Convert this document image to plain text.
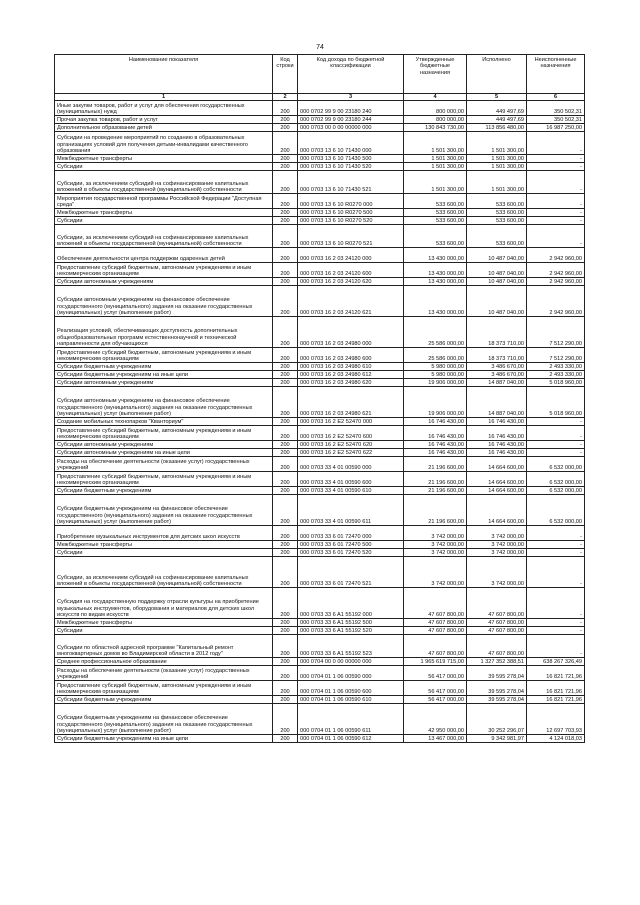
74
Наименование показателя	Код строки	Код дохода по бюджетной классификации	Утвержденные бюджетные назначения	Исполнено	Неисполненные назначения
1	2	3	4	5	6
Иные закупки товаров, работ и услуг для обеспечения государственных (муниципальных) нужд	200	000 0702 99 9 00 23180 240	800 000,00	449 497,69	350 502,31
Прочая закупка товаров, работ и услуг	200	000 0702 99 9 00 23180 244	800 000,00	449 497,69	350 502,31
Дополнительное образование детей	200	000 0703 00 0 00 00000 000	130 843 730,00	113 856 480,00	16 987 250,00
Субсидии на проведение мероприятий по созданию в образовательных организациях условий для получения детьми-инвалидами качественного образования	200	000 0703 13 6 10 71430 000	1 501 300,00	1 501 300,00	-
Межбюджетные трансферты	200	000 0703 13 6 10 71430 500	1 501 300,00	1 501 300,00	-
Субсидии	200	000 0703 13 6 10 71430 520	1 501 300,00	1 501 300,00	-
Субсидии, за исключением субсидий на софинансирование капитальных вложений в объекты государственной (муниципальной) собственности	200	000 0703 13 6 10 71430 521	1 501 300,00	1 501 300,00	-
Мероприятия государственной программы Российской Федерации "Доступная среда"	200	000 0703 13 6 10 R0270 000	533 600,00	533 600,00	-
Межбюджетные трансферты	200	000 0703 13 6 10 R0270 500	533 600,00	533 600,00	-
Субсидии	200	000 0703 13 6 10 R0270 520	533 600,00	533 600,00	-
Субсидии, за исключением субсидий на софинансирование капитальных вложений в объекты государственной (муниципальной) собственности	200	000 0703 13 6 10 R0270 521	533 600,00	533 600,00	-
Обеспечение деятельности центра поддержки одаренных детей	200	000 0703 16 2 03 24120 000	13 430 000,00	10 487 040,00	2 942 960,00
Предоставление субсидий бюджетным, автономным учреждениям и иным некоммерческим организациям	200	000 0703 16 2 03 24120 600	13 430 000,00	10 487 040,00	2 942 960,00
Субсидии автономным учреждениям	200	000 0703 16 2 03 24120 620	13 430 000,00	10 487 040,00	2 942 960,00
Субсидии автономным учреждениям на финансовое обеспечение государственного (муниципального) задания на оказание государственных (муниципальных) услуг (выполнение работ)	200	000 0703 16 2 03 24120 621	13 430 000,00	10 487 040,00	2 942 960,00
Реализация условий, обеспечивающих доступность дополнительных общеобразовательных программ естественнонаучной и технической направленности для обучающихся	200	000 0703 16 2 03 24980 000	25 586 000,00	18 373 710,00	7 512 290,00
Предоставление субсидий бюджетным, автономным учреждениям и иным некоммерческим организациям	200	000 0703 16 2 03 24980 600	25 586 000,00	18 373 710,00	7 512 290,00
Субсидии бюджетным учреждениям	200	000 0703 16 2 03 24980 610	5 980 000,00	3 486 670,00	2 493 330,00
Субсидии бюджетным учреждениям на иные цели	200	000 0703 16 2 03 24980 612	5 980 000,00	3 486 670,00	2 493 330,00
Субсидии автономным учреждениям	200	000 0703 16 2 03 24980 620	19 906 000,00	14 887 040,00	5 018 960,00
Субсидии автономным учреждениям на финансовое обеспечение государственного (муниципального) задания на оказание государственных (муниципальных) услуг (выполнение работ)	200	000 0703 16 2 03 24980 621	19 906 000,00	14 887 040,00	5 018 960,00
Создание мобильных технопарков "Кванториум"	200	000 0703 16 2 E2 52470 000	16 746 430,00	16 746 430,00	-
Предоставление субсидий бюджетным, автономным учреждениям и иным некоммерческим организациям	200	000 0703 16 2 E2 52470 600	16 746 430,00	16 746 430,00	-
Субсидии автономным учреждениям	200	000 0703 16 2 E2 52470 620	16 746 430,00	16 746 430,00	-
Субсидии автономным учреждениям на иные цели	200	000 0703 16 2 E2 52470 622	16 746 430,00	16 746 430,00	-
Расходы на обеспечение деятельности (оказание услуг) государственных учреждений	200	000 0703 33 4 01 00590 000	21 196 600,00	14 664 600,00	6 532 000,00
Предоставление субсидий бюджетным, автономным учреждениям и иным некоммерческим организациям	200	000 0703 33 4 01 00590 600	21 196 600,00	14 664 600,00	6 532 000,00
Субсидии бюджетным учреждениям	200	000 0703 33 4 01 00590 610	21 196 600,00	14 664 600,00	6 532 000,00
Субсидии бюджетным учреждениям на финансовое обеспечение государственного (муниципального) задания на оказание государственных (муниципальных) услуг (выполнение работ)	200	000 0703 33 4 01 00590 611	21 196 600,00	14 664 600,00	6 532 000,00
Приобретение музыкальных инструментов для детских школ искусств	200	000 0703 33 6 01 72470 000	3 742 000,00	3 742 000,00	-
Межбюджетные трансферты	200	000 0703 33 6 01 72470 500	3 742 000,00	3 742 000,00	-
Субсидии	200	000 0703 33 6 01 72470 520	3 742 000,00	3 742 000,00	-
Субсидии, за исключением субсидий на софинансирование капитальных вложений в объекты государственной (муниципальной) собственности	200	000 0703 33 6 01 72470 521	3 742 000,00	3 742 000,00	-
Субсидия на государственную поддержку отрасли культуры на приобретение музыкальных инструментов, оборудования и материалов для детских школ искусств по видам искусств	200	000 0703 33 6 A1 55192 000	47 607 800,00	47 607 800,00	-
Межбюджетные трансферты	200	000 0703 33 6 A1 55192 500	47 607 800,00	47 607 800,00	-
Субсидии	200	000 0703 33 6 A1 55192 520	47 607 800,00	47 607 800,00	-
Субсидии по областной адресной программе "Капитальный ремонт многоквартирных домов во Владимирской области в 2012 году"	200	000 0703 33 6 A1 55192 523	47 607 800,00	47 607 800,00	-
Среднее профессиональное образование	200	000 0704 00 0 00 00000 000	1 965 619 715,00	1 327 352 388,51	638 267 326,49
Расходы на обеспечение деятельности (оказание услуг) государственных учреждений	200	000 0704 01 1 06 00590 000	56 417 000,00	39 595 278,04	16 821 721,96
Предоставление субсидий бюджетным, автономным учреждениям и иным некоммерческим организациям	200	000 0704 01 1 06 00590 600	56 417 000,00	39 595 278,04	16 821 721,96
Субсидии бюджетным учреждениям	200	000 0704 01 1 06 00590 610	56 417 000,00	39 595 278,04	16 821 721,96
Субсидии бюджетным учреждениям на финансовое обеспечение государственного (муниципального) задания на оказание государственных (муниципальных) услуг (выполнение работ)	200	000 0704 01 1 06 00590 611	42 950 000,00	30 252 296,07	12 697 703,93
Субсидии бюджетным учреждениям на иные цели	200	000 0704 01 1 06 00590 612	13 467 000,00	9 342 981,97	4 124 018,03
